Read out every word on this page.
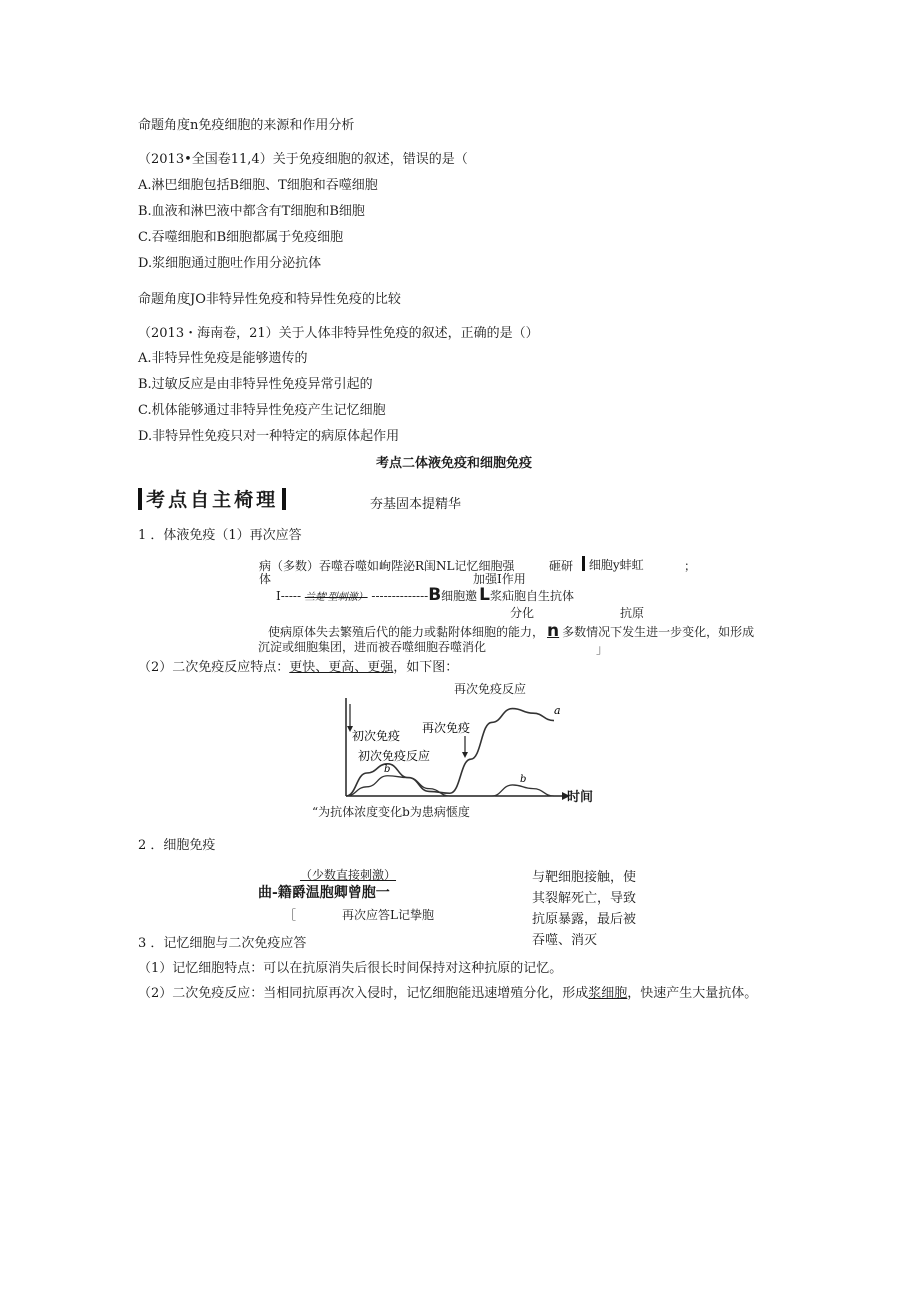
命题角度n免疫细胞的来源和作用分析
（2013•全国卷11,4）关于免疫细胞的叙述，错误的是（
A.淋巴细胞包括B细胞、T细胞和吞噬细胞
B.血液和淋巴液中都含有T细胞和B细胞
C.吞噬细胞和B细胞都属于免疫细胞
D.浆细胞通过胞吐作用分泌抗体
命题角度JO非特异性免疫和特异性免疫的比较
（2013・海南卷，21）关于人体非特异性免疫的叙述，正确的是（）
A.非特异性免疫是能够遗传的
B.过敏反应是由非特异性免疫异常引起的
C.机体能够通过非特异性免疫产生记忆细胞
D.非特异性免疫只对一种特定的病原体起作用
考点二体液免疫和细胞免疫
考点自主椅理	夯基固本提精华
1 ．体液免疫（1）再次应答
病（多数）吞噬吞噬如峋陛泌R闺NL记忆细胞强	砸研	细胞y蚌虹	；
体	加强I作用
I----- 兰楚'型刺激） --------------B细胞邀 L浆疝胞自生抗体
分化	抗原
使病原体失去繁殖后代的能力或黏附体细胞的能力， n 多数情况下发生进一步变化，如形成
沉淀或细胞集团，进而被吞噬细胞吞噬消化	」
（2）二次免疫反应特点：更快、更高、更强，如下图：
再次免疫反应
初次免疫
再次免疫
初次免疫反应
a
b
b
时间
“为抗体浓度变化b为患病惬度
2 ．细胞免疫
（少数直接刺激）
曲-籍爵温胞卿曾胞一
［	再次应答L记挚胞
与靶细胞接触，使
其裂解死亡，导致
抗原暴露，最后被
吞噬、消灭
3 ．记忆细胞与二次免疫应答
（1）记忆细胞特点：可以在抗原消失后很长时间保持对这种抗原的记忆。
（2）二次免疫反应：当相同抗原再次入侵时，记忆细胞能迅速增殖分化，形成浆细胞，快速产生大量抗体。
